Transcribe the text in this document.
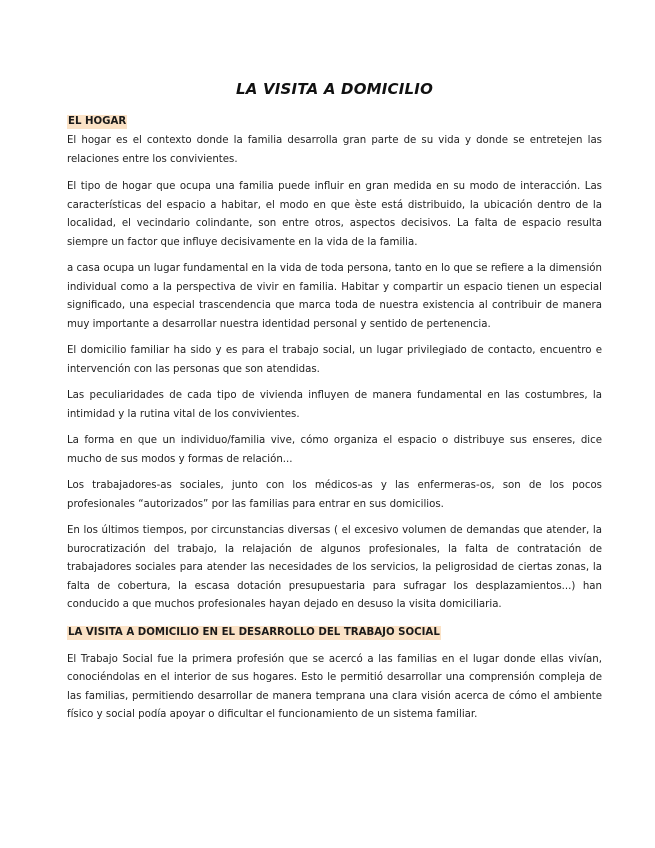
LA VISITA A DOMICILIO
EL HOGAR

El hogar es el contexto donde la familia desarrolla gran parte de su vida y donde se entretejen las relaciones entre los convivientes.

El tipo de hogar que ocupa una familia puede influir en gran medida en su modo de interacción. Las características del espacio a habitar, el modo en que èste está distribuido, la ubicación dentro de la localidad, el vecindario colindante, son entre otros, aspectos decisivos. La falta de espacio resulta siempre un factor que influye decisivamente en la vida de la familia.

a casa ocupa un lugar fundamental en la vida de toda persona, tanto en lo que se refiere a la dimensión individual como a la perspectiva de vivir en familia. Habitar y compartir un espacio tienen un especial significado, una especial trascendencia que marca toda de nuestra existencia al contribuir de manera muy importante a desarrollar nuestra identidad personal y sentido de pertenencia.

El domicilio familiar ha sido y es para el trabajo social, un lugar privilegiado de contacto, encuentro e intervención con las personas que son atendidas.

Las peculiaridades de cada tipo de vivienda influyen de manera fundamental en las costumbres, la intimidad y la rutina vital de los convivientes.

La forma en que un individuo/familia vive, cómo organiza el espacio o distribuye sus enseres, dice mucho de sus modos y formas de relación...

Los trabajadores-as sociales, junto con los médicos-as y las enfermeras-os, son de los pocos profesionales “autorizados” por las familias para entrar en sus domicilios.

En los últimos tiempos, por circunstancias diversas ( el excesivo volumen de demandas que atender, la burocratización del trabajo, la relajación de algunos profesionales, la falta de contratación de trabajadores sociales para atender las necesidades de los servicios, la peligrosidad de ciertas zonas, la falta de cobertura, la escasa dotación presupuestaria para sufragar los desplazamientos...) han conducido a que muchos profesionales hayan dejado en desuso la visita domiciliaria.

LA VISITA A DOMICILIO EN EL DESARROLLO DEL TRABAJO SOCIAL

El Trabajo Social fue la primera profesión que se acercó a las familias en el lugar donde ellas vivían, conociéndolas en el interior de sus hogares. Esto le permitió desarrollar una comprensión compleja de las familias, permitiendo desarrollar de manera temprana una clara visión acerca de cómo el ambiente físico y social podía apoyar o dificultar el funcionamiento de un sistema familiar.
